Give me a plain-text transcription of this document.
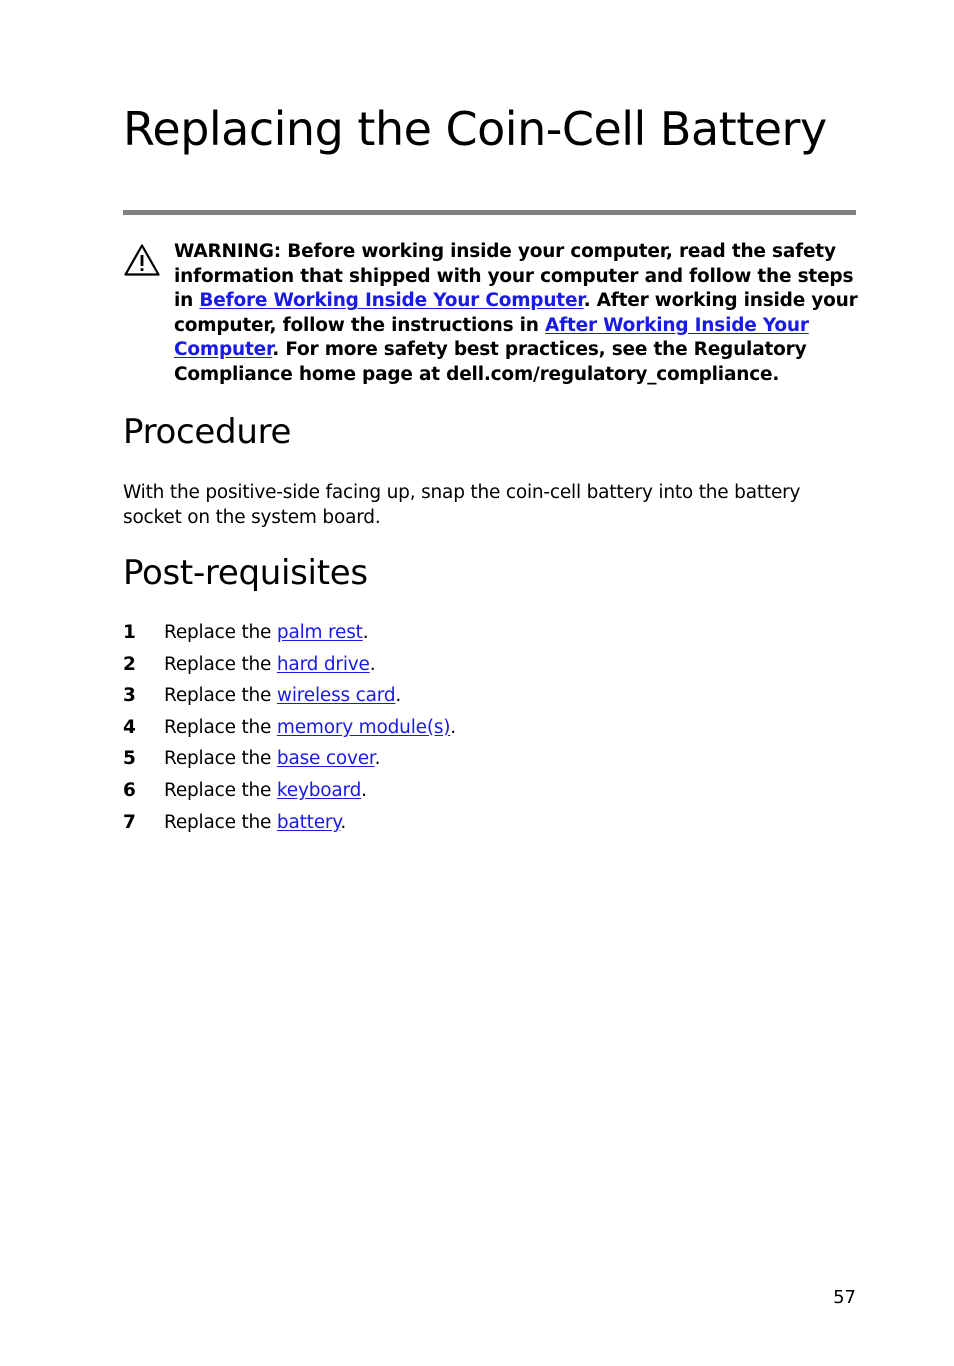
Replacing the Coin-Cell Battery

WARNING: Before working inside your computer, read the safety information that shipped with your computer and follow the steps in Before Working Inside Your Computer. After working inside your computer, follow the instructions in After Working Inside Your Computer. For more safety best practices, see the Regulatory Compliance home page at dell.com/regulatory_compliance.

Procedure

With the positive-side facing up, snap the coin-cell battery into the battery socket on the system board.

Post-requisites
1 Replace the palm rest.
2 Replace the hard drive.
3 Replace the wireless card.
4 Replace the memory module(s).
5 Replace the base cover.
6 Replace the keyboard.
7 Replace the battery.
57
